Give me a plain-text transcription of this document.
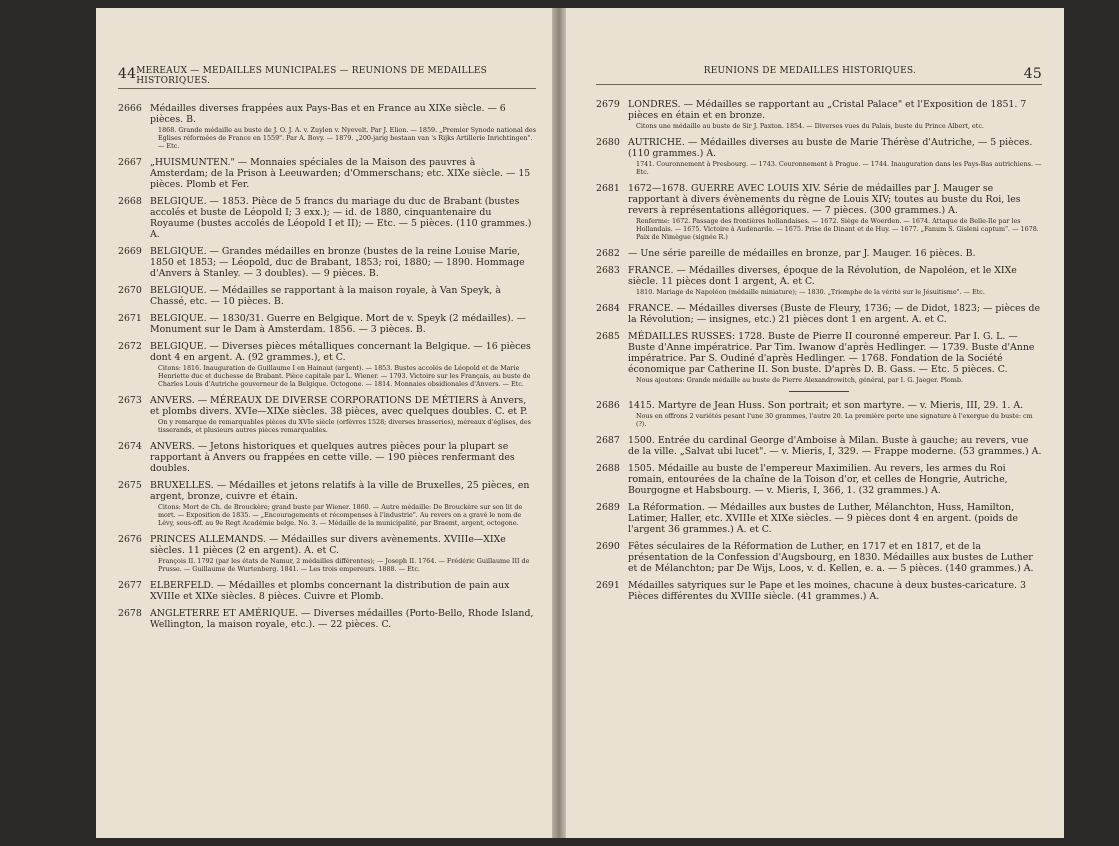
44 MEREAUX — MEDAILLES MUNICIPALES — REUNIONS DE MEDAILLES HISTORIQUES.
2666 Médailles diverses frappées aux Pays-Bas et en France au XIXe siècle. — 6 pièces. B.
1868. Grande médaille au buste de J. O. J. A. v. Zuylen v. Nyevelt. Par J. Elion. — 1859. „Premier Synode national des Eglises réformées de France en 1559". Par A. Bovy. — 1879. „200-jarig bestaan van 's Rijks Artillerie Inrichtingen". — Etc.
2667 „HUISMUNTEN." — Monnaies spéciales de la Maison des pauvres à Amsterdam; de la Prison à Leeuwarden; d'Ommerschans; etc. XIXe siècle. — 15 pièces. Plomb et Fer.
2668 BELGIQUE. — 1853. Pièce de 5 francs du mariage du duc de Brabant (bustes accolés et buste de Léopold I; 3 exx.); — id. de 1880, cinquantenaire du Royaume (bustes accolés de Léopold I et II); — Etc. — 5 pièces. (110 grammes.) A.
2669 BELGIQUE. — Grandes médailles en bronze (bustes de la reine Louise Marie, 1850 et 1853; — Léopold, duc de Brabant, 1853; roi, 1880; — 1890. Hommage d'Anvers à Stanley. — 3 doubles). — 9 pièces. B.
2670 BELGIQUE. — Médailles se rapportant à la maison royale, à Van Speyk, à Chassé, etc. — 10 pièces. B.
2671 BELGIQUE. — 1830/31. Guerre en Belgique. Mort de v. Speyk (2 médailles). — Monument sur le Dam à Amsterdam. 1856. — 3 pièces. B.
2672 BELGIQUE. — Diverses pièces métalliques concernant la Belgique. — 16 pièces dont 4 en argent. A. (92 grammes.), et C.
Citons: 1816. Inauguration de Guillaume I en Hainaut (argent). — 1853. Bustes accolés de Léopold et de Marie Henriette duc et duchesse de Brabant. Pièce capitale par L. Wiener. — 1793. Victoire sur les Français, au buste de Charles Louis d'Autriche gouverneur de la Belgique. Octogone. — 1814. Monnaies obsidionales d'Anvers. — Etc.
2673 ANVERS. — MÉREAUX DE DIVERSE CORPORATIONS DE MÉTIERS à Anvers, et plombs divers. XVIe—XIXe siècles. 38 pièces, avec quelques doubles. C. et P.
On y remarque de remarquables pièces du XVIe siècle (orfèvres 1528; diverses brasseries), méreaux d'églises, des tisserands, et plusieurs autres pièces remarquables.
2674 ANVERS. — Jetons historiques et quelques autres pièces pour la plupart se rapportant à Anvers ou frappées en cette ville. — 190 pièces renfermant des doubles.
2675 BRUXELLES. — Médailles et jetons relatifs à la ville de Bruxelles, 25 pièces, en argent, bronze, cuivre et étain.
Citons: Mort de Ch. de Brouckère; grand buste par Wiener. 1860. — Autre médaille: De Brouckère sur son lit de mort. — Exposition de 1835. — „Encouragements et récompenses à l'industrie". Au revers on a gravé le nom de Lévy, sous-off. au 9e Regt Académie belge. No. 3. — Médaille de la municipalité, par Braemt, argent, octogone.
2676 PRINCES ALLEMANDS. — Médailles sur divers avènements. XVIIIe—XIXe siècles. 11 pièces (2 en argent). A. et C.
François II. 1792 (par les états de Namur, 2 médailles différentes); — Joseph II. 1764. — Frédéric Guillaume III de Prusse. — Guillaume de Wurtenberg. 1841. — Les trois empereurs. 1888. — Etc.
2677 ELBERFELD. — Médailles et plombs concernant la distribution de pain aux XVIIIe et XIXe siècles. 8 pièces. Cuivre et Plomb.
2678 ANGLETERRE ET AMÉRIQUE. — Diverses médailles (Porto-Bello, Rhode Island, Wellington, la maison royale, etc.). — 22 pièces. C.
REUNIONS DE MEDAILLES HISTORIQUES.	45
2679 LONDRES. — Médailles se rapportant au „Cristal Palace" et l'Exposition de 1851. 7 pièces en étain et en bronze.
Citons une médaille au buste de Sir J. Paxton. 1854. — Diverses vues du Palais, buste du Prince Albert, etc.
2680 AUTRICHE. — Médailles diverses au buste de Marie Thérèse d'Autriche, — 5 pièces. (110 grammes.) A.
1741. Couronnement à Presbourg. — 1743. Couronnement à Prague. — 1744. Inauguration dans les Pays-Bas autrichiens. — Etc.
2681 1672—1678. GUERRE AVEC LOUIS XIV. Série de médailles par J. Mauger se rapportant à divers évènements du règne de Louis XIV; toutes au buste du Roi, les revers à représentations allégoriques. — 7 pièces. (300 grammes.) A.
Renferme: 1672. Passage des frontières hollandaises. — 1672. Siège de Woerden. — 1674. Attaque de Belle-Ile par les Hollandais. — 1675. Victoire à Audenarde. — 1675. Prise de Dinant et de Huy. — 1677. „Fanum S. Gisleni captum". — 1678. Paix de Nimègue (signée R.)
2682 — Une série pareille de médailles en bronze, par J. Mauger. 16 pièces. B.
2683 FRANCE. — Médailles diverses, époque de la Révolution, de Napoléon, et le XIXe siècle. 11 pièces dont 1 argent, A. et C.
1810. Mariage de Napoléon (médaille miniature); — 1830. „Triomphe de la vérité sur le Jésuitisme". — Etc.
2684 FRANCE. — Médailles diverses (Buste de Fleury, 1736; — de Didot, 1823; — pièces de la Révolution; — insignes, etc.) 21 pièces dont 1 en argent. A. et C.
2685 MÉDAILLES RUSSES: 1728. Buste de Pierre II couronné empereur. Par I. G. L. — Buste d'Anne impératrice. Par Tim. Iwanow d'après Hedlinger. — 1739. Buste d'Anne impératrice. Par S. Oudiné d'après Hedlinger. — 1768. Fondation de la Société économique par Catherine II. Son buste. D'après D. B. Gass. — Etc. 5 pièces. C.
Nous ajoutons: Grande médaille au buste de Pierre Alexandrowitch, général, par I. G. Jaeger. Plomb.
2686 1415. Martyre de Jean Huss. Son portrait; et son martyre. — v. Mieris, III, 29. 1. A.
Nous en offrons 2 variétés pesant l'une 30 grammes, l'autre 20. La première porte une signature à l'exergue du buste: cm (?).
2687 1500. Entrée du cardinal George d'Amboise à Milan. Buste à gauche; au revers, vue de la ville. „Salvat ubi lucet". — v. Mieris, I, 329. — Frappe moderne. (53 grammes.) A.
2688 1505. Médaille au buste de l'empereur Maximilien. Au revers, les armes du Roi romain, entourées de la chaîne de la Toison d'or, et celles de Hongrie, Autriche, Bourgogne et Habsbourg. — v. Mieris, I, 366, 1. (32 grammes.) A.
2689 La Réformation. — Médailles aux bustes de Luther, Mélanchton, Huss, Hamilton, Latimer, Haller, etc. XVIIIe et XIXe siècles. — 9 pièces dont 4 en argent. (poids de l'argent 36 grammes.) A. et C.
2690 Fêtes séculaires de la Réformation de Luther, en 1717 et en 1817, et de la présentation de la Confession d'Augsbourg, en 1830. Médailles aux bustes de Luther et de Mélanchton; par De Wijs, Loos, v. d. Kellen, e. a. — 5 pièces. (140 grammes.) A.
2691 Médailles satyriques sur le Pape et les moines, chacune à deux bustes-caricature. 3 Pièces différentes du XVIIIe siècle. (41 grammes.) A.
